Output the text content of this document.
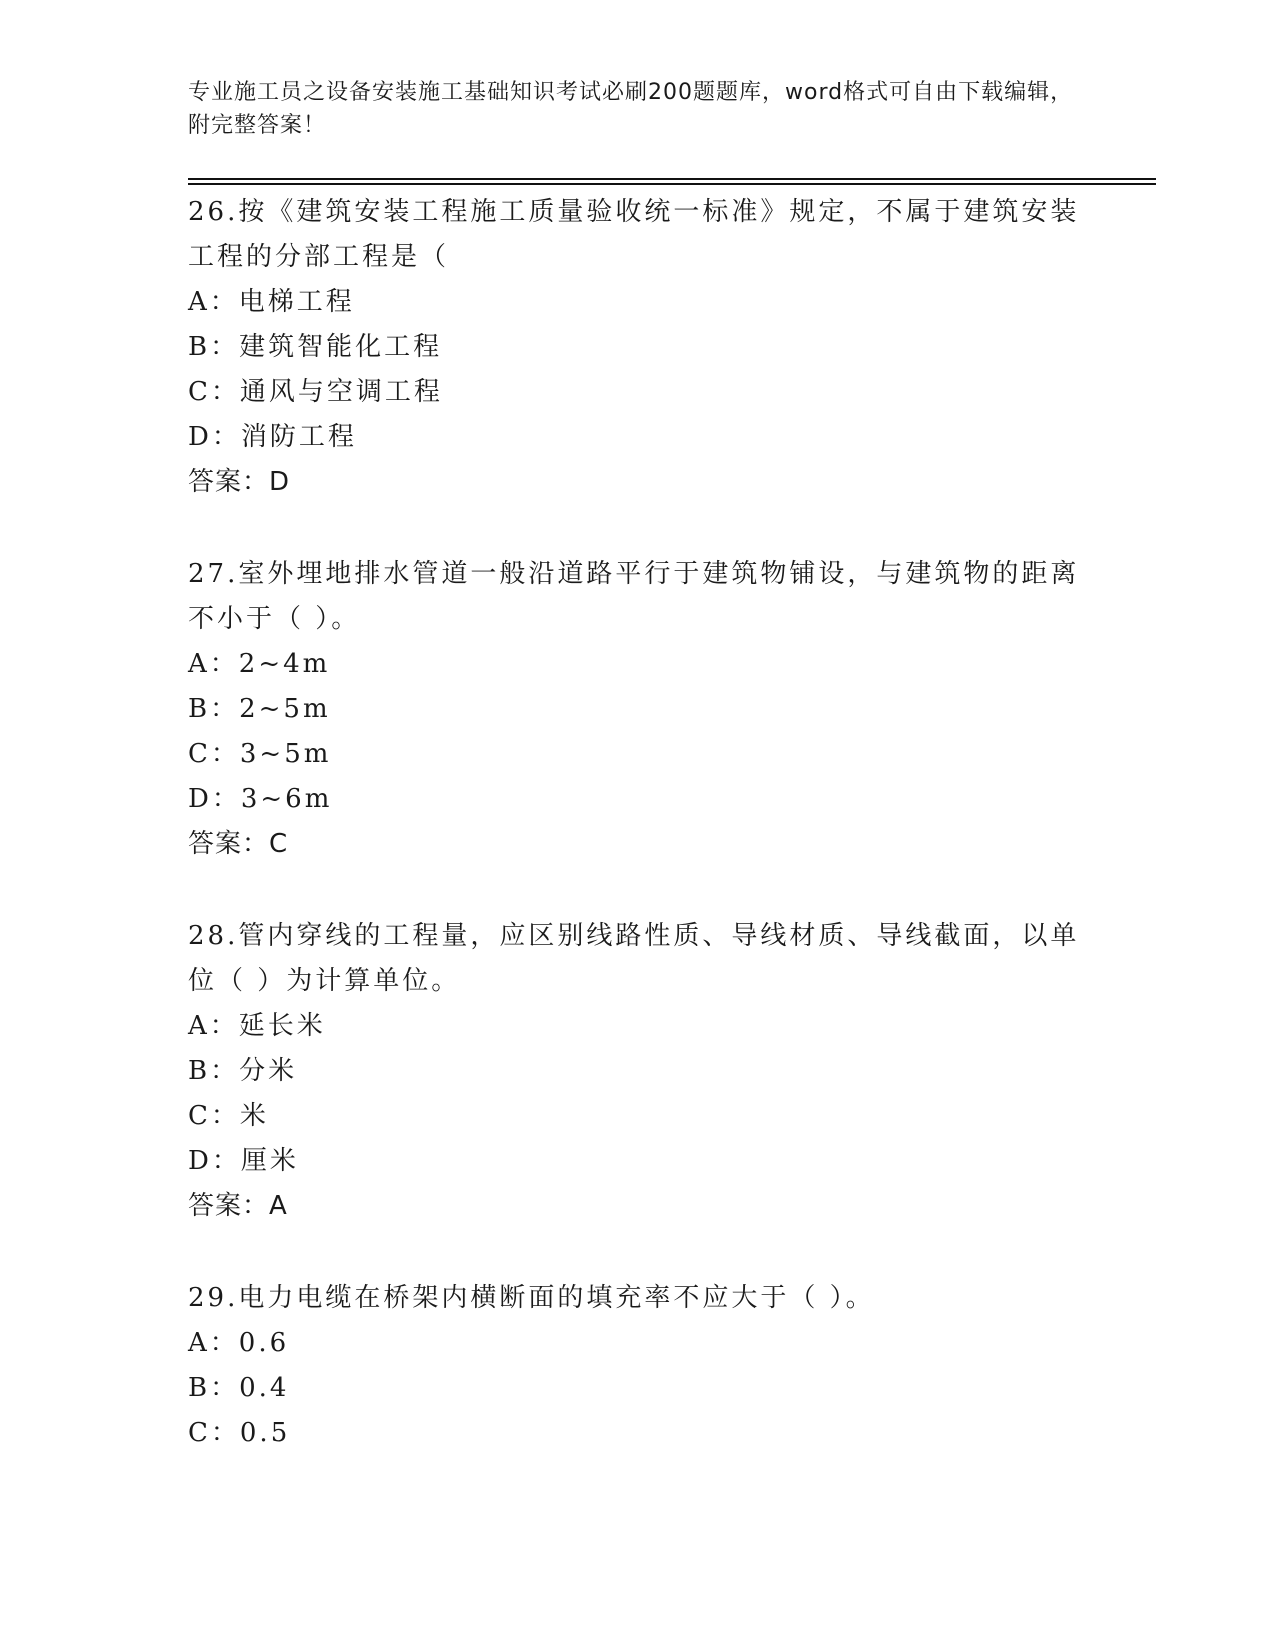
专业施工员之设备安装施工基础知识考试必刷200题题库，word格式可自由下载编辑，附完整答案！
26.按《建筑安装工程施工质量验收统一标准》规定，不属于建筑安装工程的分部工程是（
A：电梯工程
B：建筑智能化工程
C：通风与空调工程
D：消防工程
答案：D
27.室外埋地排水管道一般沿道路平行于建筑物铺设，与建筑物的距离不小于（ ）。
A：2~4m
B：2~5m
C：3~5m
D：3~6m
答案：C
28.管内穿线的工程量，应区别线路性质、导线材质、导线截面，以单位（ ）为计算单位。
A：延长米
B：分米
C：米
D：厘米
答案：A
29.电力电缆在桥架内横断面的填充率不应大于（ ）。
A：0.6
B：0.4
C：0.5
